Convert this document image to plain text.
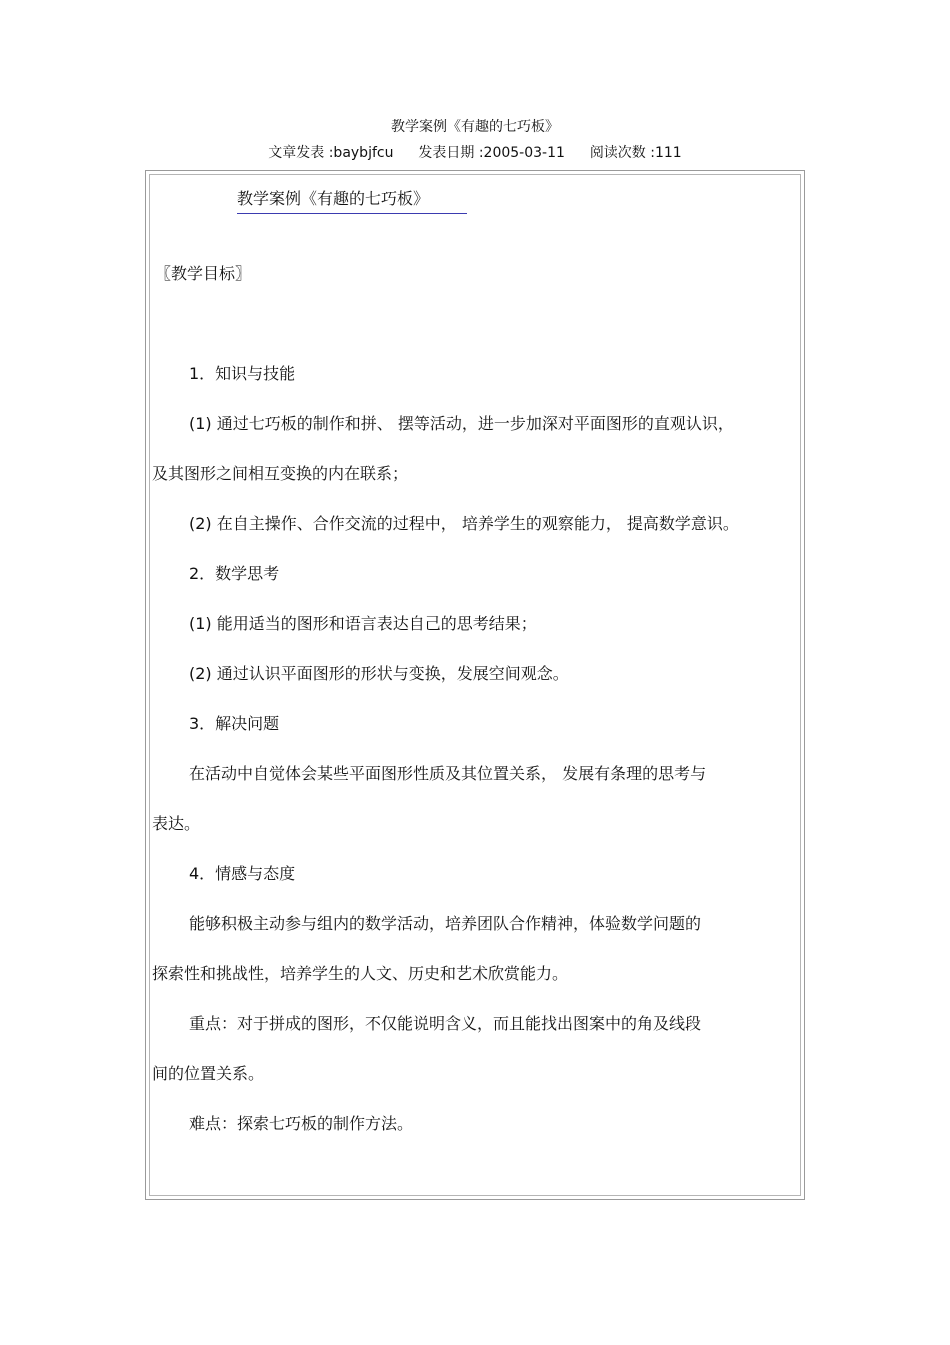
教学案例《有趣的七巧板》
文章发表 :baybjfcu 发表日期 :2005-03-11 阅读次数 :111
教学案例《有趣的七巧板》
〖教学目标〗
1．知识与技能
(1) 通过七巧板的制作和拼、 摆等活动，进一步加深对平面图形的直观认识，
及其图形之间相互变换的内在联系；
(2) 在自主操作、合作交流的过程中， 培养学生的观察能力， 提高数学意识。
2．数学思考
(1) 能用适当的图形和语言表达自己的思考结果；
(2) 通过认识平面图形的形状与变换，发展空间观念。
3．解决问题
在活动中自觉体会某些平面图形性质及其位置关系， 发展有条理的思考与
表达。
4．情感与态度
能够积极主动参与组内的数学活动，培养团队合作精神，体验数学问题的
探索性和挑战性，培养学生的人文、历史和艺术欣赏能力。
重点：对于拼成的图形，不仅能说明含义，而且能找出图案中的角及线段
间的位置关系。
难点：探索七巧板的制作方法。
